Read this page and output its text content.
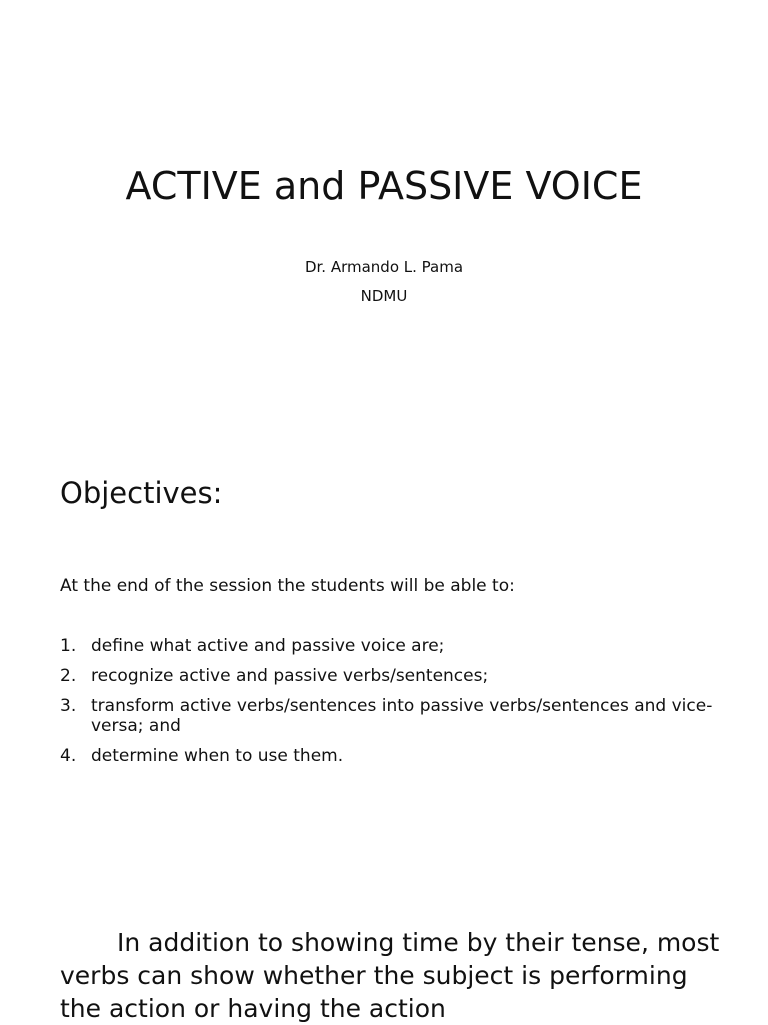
ACTIVE and PASSIVE VOICE
Dr. Armando L. Pama
NDMU
Objectives:
At the end of the session the students will be able to:
1. define what active and passive voice are;
2. recognize active and passive verbs/sentences;
3. transform active verbs/sentences into passive verbs/sentences and vice- versa; and
4. determine when to use them.

In addition to showing time by their tense, most verbs can show whether the subject is performing the action or having the action
